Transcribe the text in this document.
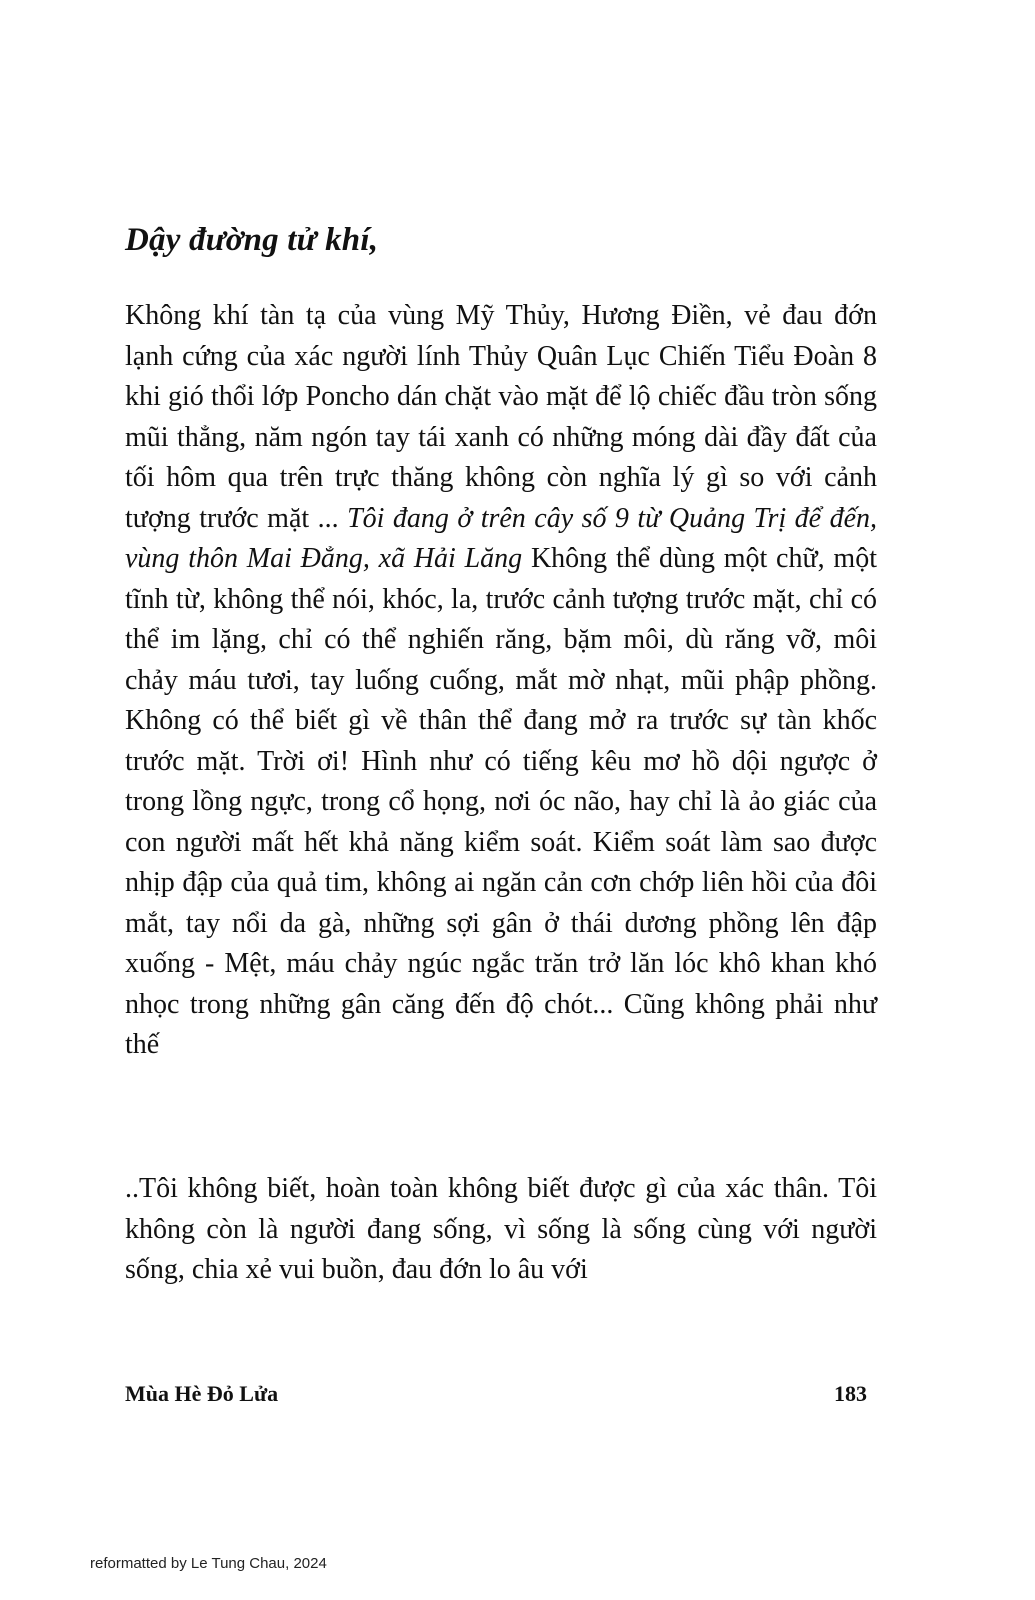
Dậy đường tử khí,

Không khí tàn tạ của vùng Mỹ Thủy, Hương Điền, vẻ đau đớn lạnh cứng của xác người lính Thủy Quân Lục Chiến Tiểu Đoàn 8 khi gió thổi lớp Poncho dán chặt vào mặt để lộ chiếc đầu tròn sống mũi thẳng, năm ngón tay tái xanh có những móng dài đầy đất của tối hôm qua trên trực thăng không còn nghĩa lý gì so với cảnh tượng trước mặt ... Tôi đang ở trên cây số 9 từ Quảng Trị để đến, vùng thôn Mai Đẳng, xã Hải Lăng Không thể dùng một chữ, một tĩnh từ, không thể nói, khóc, la, trước cảnh tượng trước mặt, chỉ có thể im lặng, chỉ có thể nghiến răng, bặm môi, dù răng vỡ, môi chảy máu tươi, tay luống cuống, mắt mờ nhạt, mũi phập phồng. Không có thể biết gì về thân thể đang mở ra trước sự tàn khốc trước mặt. Trời ơi! Hình như có tiếng kêu mơ hồ dội ngược ở trong lồng ngực, trong cổ họng, nơi óc não, hay chỉ là ảo giác của con người mất hết khả năng kiểm soát. Kiểm soát làm sao được nhịp đập của quả tim, không ai ngăn cản cơn chớp liên hồi của đôi mắt, tay nổi da gà, những sợi gân ở thái dương phồng lên đập xuống - Mệt, máu chảy ngúc ngắc trăn trở lăn lóc khô khan khó nhọc trong những gân căng đến độ chót... Cũng không phải như thế

..Tôi không biết, hoàn toàn không biết được gì của xác thân. Tôi không còn là người đang sống, vì sống là sống cùng với người sống, chia xẻ vui buồn, đau đớn lo âu với

Mùa Hè Đỏ Lửa	183
reformatted by Le Tung Chau, 2024
